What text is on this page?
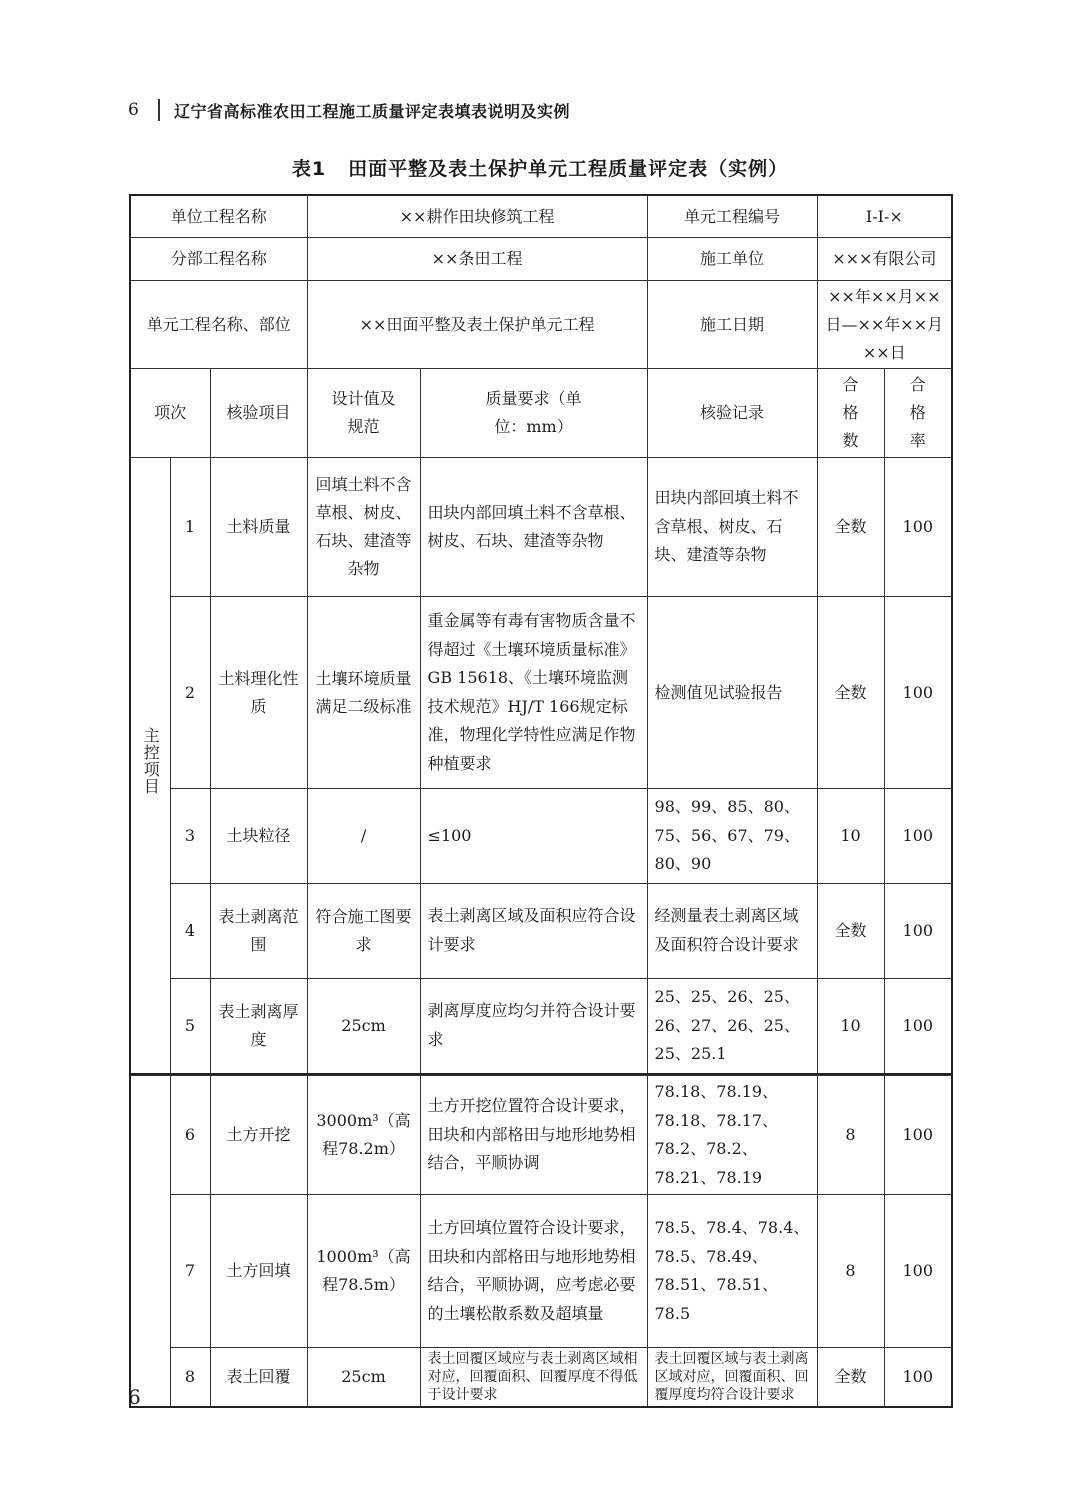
6	辽宁省高标准农田工程施工质量评定表填表说明及实例
表1 田面平整及表土保护单元工程质量评定表（实例）
单位工程名称			××耕作田块修筑工程		单元工程编号	Ⅰ-Ⅰ-×	
分部工程名称			××条田工程		施工单位	×××有限公司	
单元工程名称、部位			××田面平整及表土保护单元工程		施工日期	××年××月××日—××年××月××日	
项次		核验项目	设计值及规范	质量要求（单位：mm）	核验记录	合格数	合格率
主控项目	1	土料质量	回填土料不含草根、树皮、石块、建渣等杂物	田块内部回填土料不含草根、树皮、石块、建渣等杂物	田块内部回填土料不含草根、树皮、石块、建渣等杂物	全数	100
	2	土料理化性质	土壤环境质量满足二级标准	重金属等有毒有害物质含量不得超过《土壤环境质量标准》GB 15618、《土壤环境监测技术规范》HJ/T 166规定标准，物理化学特性应满足作物种植要求	检测值见试验报告	全数	100
	3	土块粒径	/	≤100	98、99、85、80、75、56、67、79、80、90	10	100
	4	表土剥离范围	符合施工图要求	表土剥离区域及面积应符合设计要求	经测量表土剥离区域及面积符合设计要求	全数	100
	5	表土剥离厚度	25cm	剥离厚度应均匀并符合设计要求	25、25、26、25、26、27、26、25、25、25.1	10	100
	6	土方开挖	3000m³（高程78.2m）	土方开挖位置符合设计要求，田块和内部格田与地形地势相结合，平顺协调	78.18、78.19、78.18、78.17、78.2、78.2、78.21、78.19	8	100
	7	土方回填	1000m³（高程78.5m）	土方回填位置符合设计要求，田块和内部格田与地形地势相结合，平顺协调，应考虑必要的土壤松散系数及超填量	78.5、78.4、78.4、78.5、78.49、78.51、78.51、78.5	8	100
	8	表土回覆	25cm	表土回覆区域应与表土剥离区域相对应，回覆面积、回覆厚度不得低于设计要求	表土回覆区域与表土剥离区域对应，回覆面积、回覆厚度均符合设计要求	全数	100
6
